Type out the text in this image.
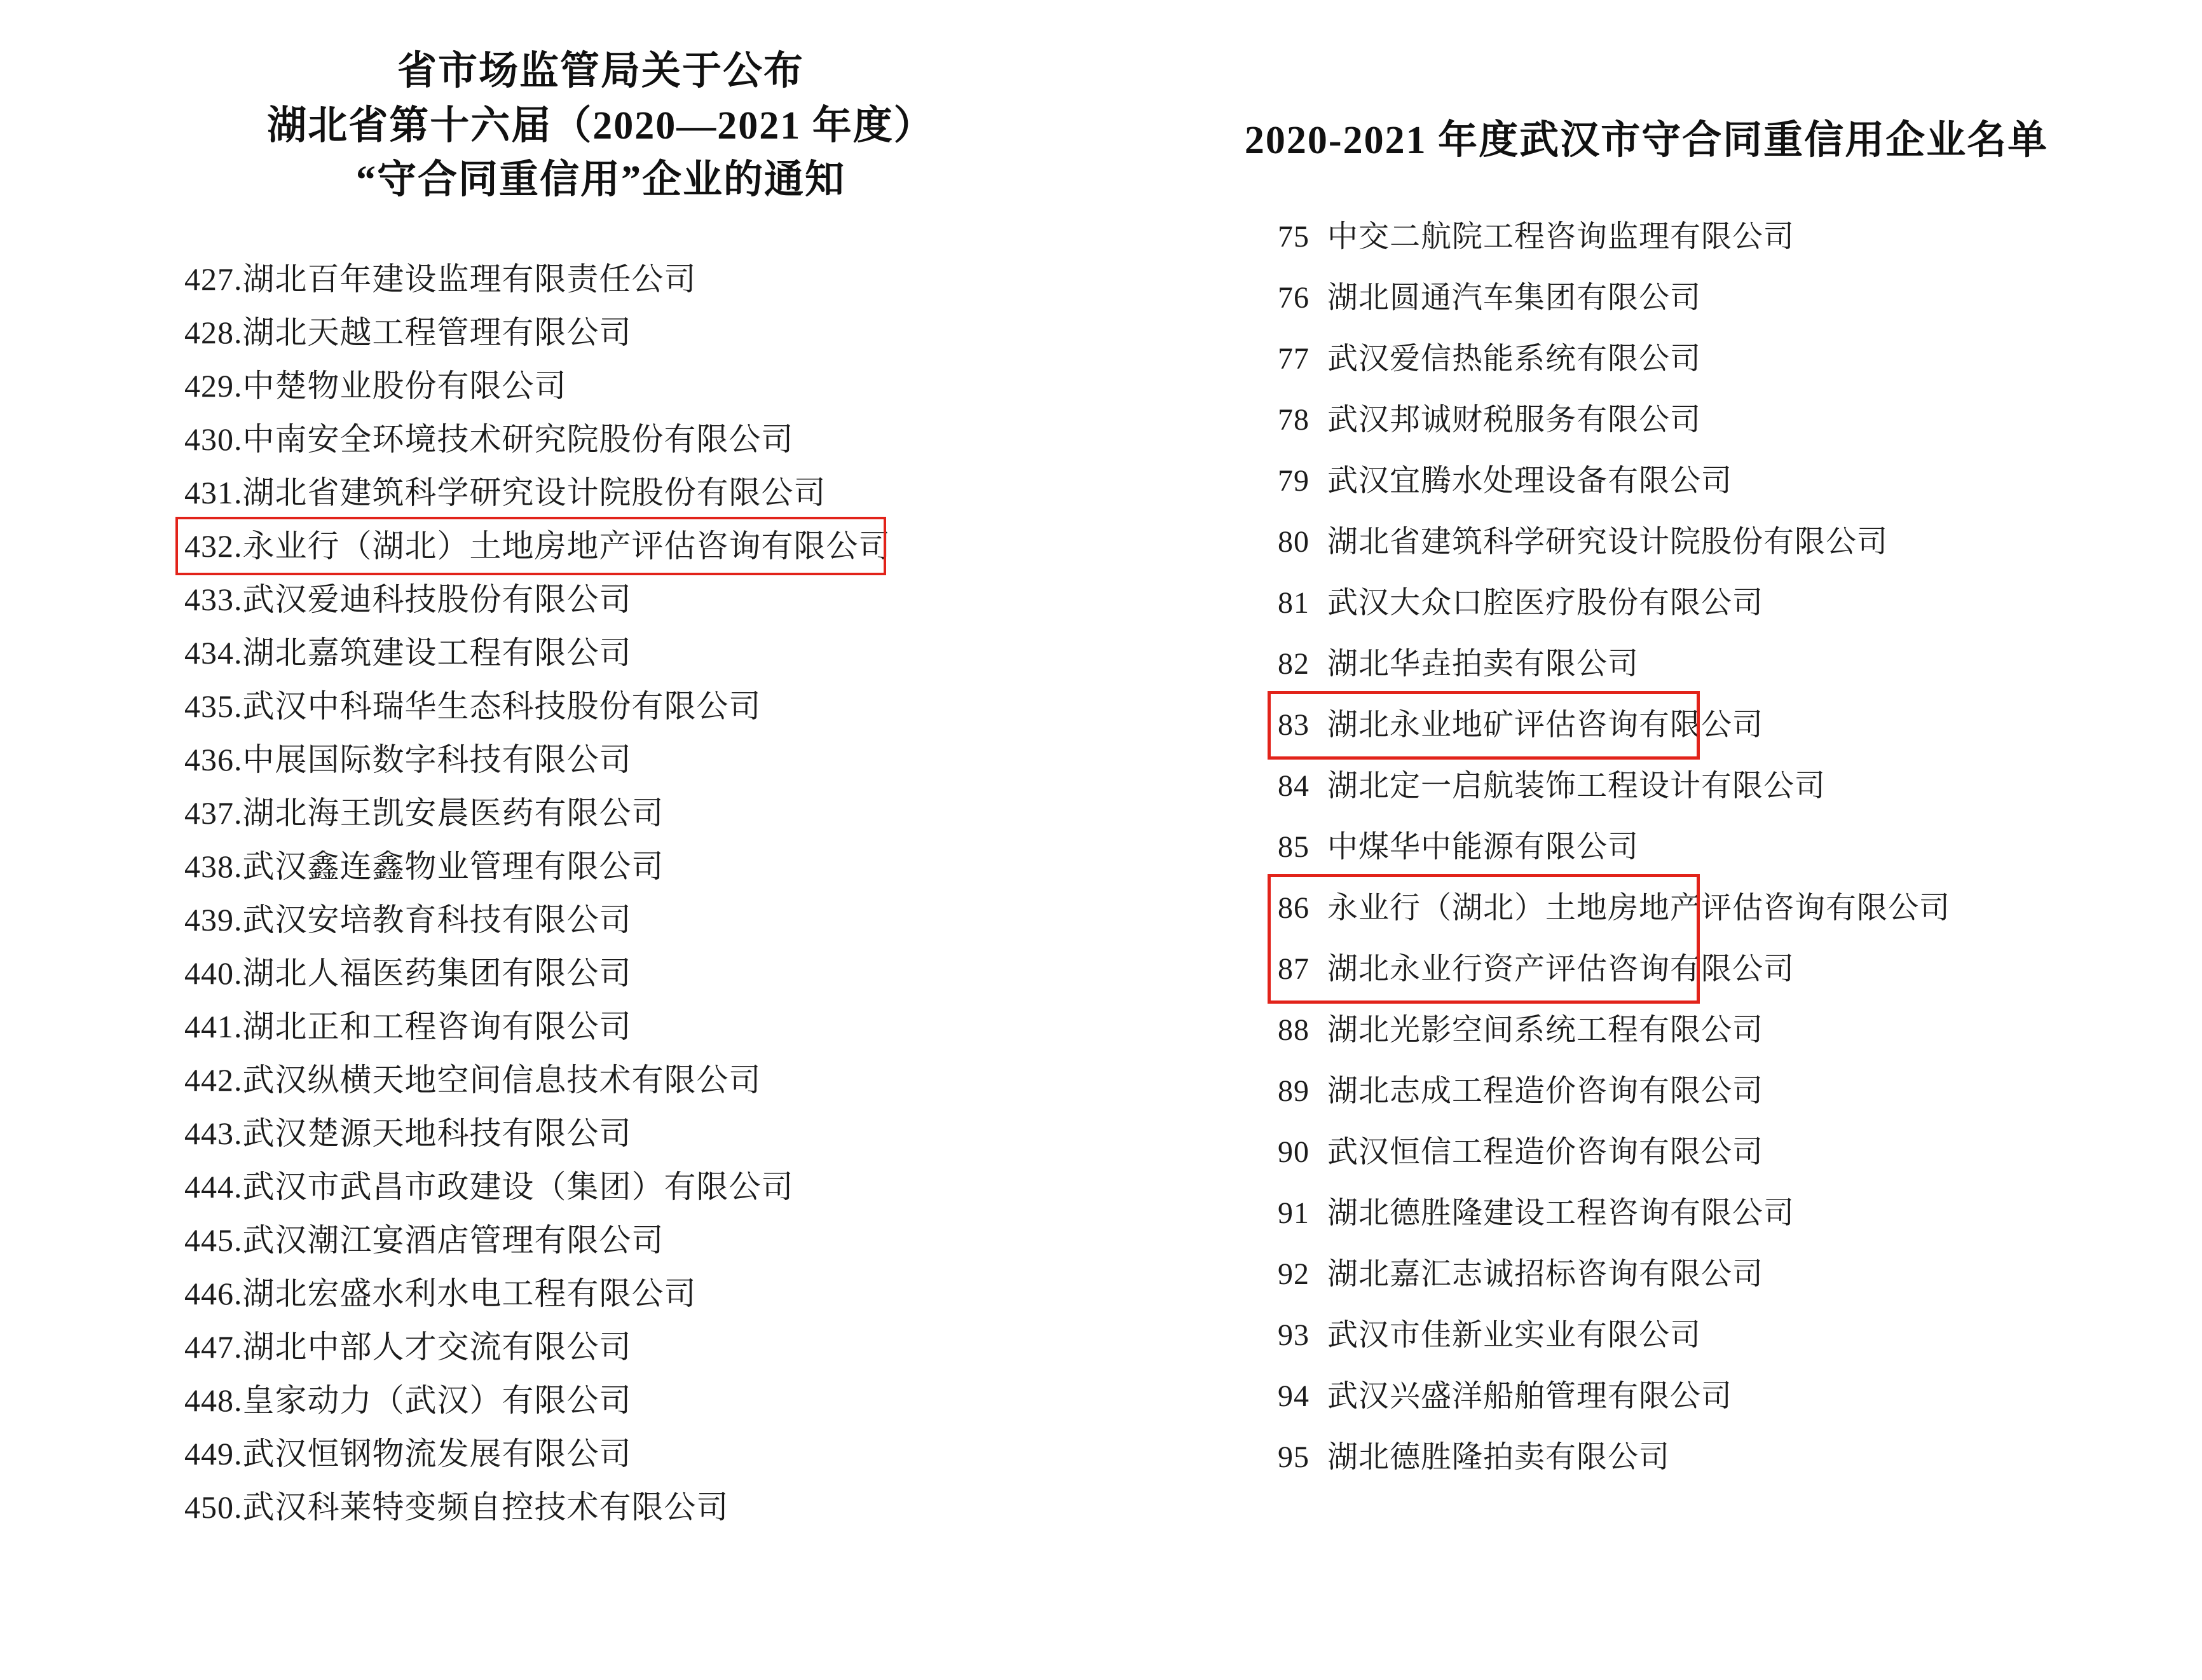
省市场监管局关于公布
湖北省第十六届（2020—2021 年度）
“守合同重信用”企业的通知
427.湖北百年建设监理有限责任公司
428.湖北天越工程管理有限公司
429.中楚物业股份有限公司
430.中南安全环境技术研究院股份有限公司
431.湖北省建筑科学研究设计院股份有限公司
432.永业行（湖北）土地房地产评估咨询有限公司
433.武汉爱迪科技股份有限公司
434.湖北嘉筑建设工程有限公司
435.武汉中科瑞华生态科技股份有限公司
436.中展国际数字科技有限公司
437.湖北海王凯安晨医药有限公司
438.武汉鑫连鑫物业管理有限公司
439.武汉安培教育科技有限公司
440.湖北人福医药集团有限公司
441.湖北正和工程咨询有限公司
442.武汉纵横天地空间信息技术有限公司
443.武汉楚源天地科技有限公司
444.武汉市武昌市政建设（集团）有限公司
445.武汉潮江宴酒店管理有限公司
446.湖北宏盛水利水电工程有限公司
447.湖北中部人才交流有限公司
448.皇家动力（武汉）有限公司
449.武汉恒钢物流发展有限公司
450.武汉科莱特变频自控技术有限公司
2020-2021 年度武汉市守合同重信用企业名单
75 中交二航院工程咨询监理有限公司
76 湖北圆通汽车集团有限公司
77 武汉爱信热能系统有限公司
78 武汉邦诚财税服务有限公司
79 武汉宜腾水处理设备有限公司
80 湖北省建筑科学研究设计院股份有限公司
81 武汉大众口腔医疗股份有限公司
82 湖北华垚拍卖有限公司
83 湖北永业地矿评估咨询有限公司
84 湖北定一启航装饰工程设计有限公司
85 中煤华中能源有限公司
86 永业行（湖北）土地房地产评估咨询有限公司
87 湖北永业行资产评估咨询有限公司
88 湖北光影空间系统工程有限公司
89 湖北志成工程造价咨询有限公司
90 武汉恒信工程造价咨询有限公司
91 湖北德胜隆建设工程咨询有限公司
92 湖北嘉汇志诚招标咨询有限公司
93 武汉市佳新业实业有限公司
94 武汉兴盛洋船舶管理有限公司
95 湖北德胜隆拍卖有限公司
